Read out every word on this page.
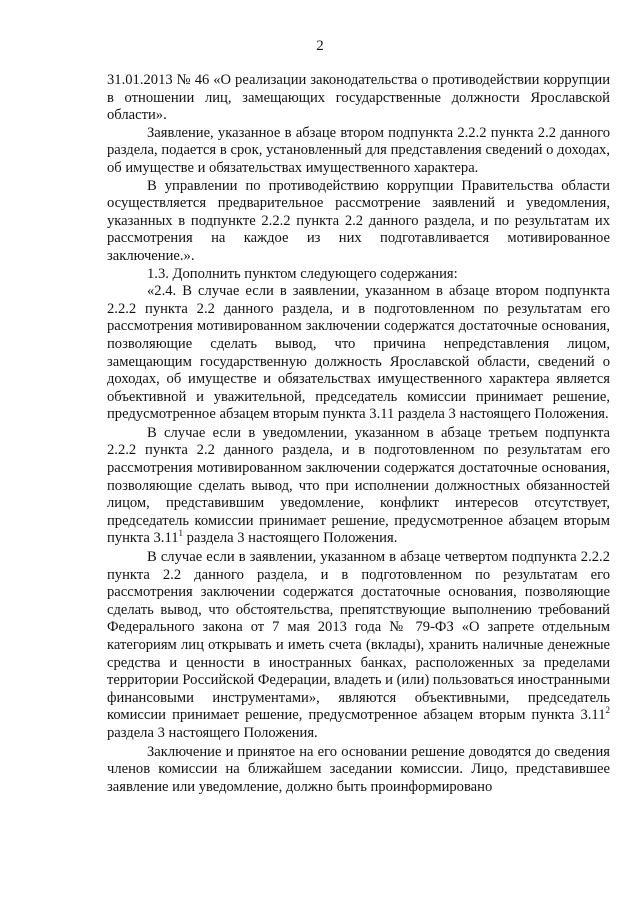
2

31.01.2013 № 46 «О реализации законодательства о противодействии коррупции в отношении лиц, замещающих государственные должности Ярославской области».

Заявление, указанное в абзаце втором подпункта 2.2.2 пункта 2.2 данного раздела, подается в срок, установленный для представления сведений о доходах, об имуществе и обязательствах имущественного характера.

В управлении по противодействию коррупции Правительства области осуществляется предварительное рассмотрение заявлений и уведомления, указанных в подпункте 2.2.2 пункта 2.2 данного раздела, и по результатам их рассмотрения на каждое из них подготавливается мотивированное заключение.».

1.3. Дополнить пунктом следующего содержания:

«2.4. В случае если в заявлении, указанном в абзаце втором подпункта 2.2.2 пункта 2.2 данного раздела, и в подготовленном по результатам его рассмотрения мотивированном заключении содержатся достаточные основания, позволяющие сделать вывод, что причина непредставления лицом, замещающим государственную должность Ярославской области, сведений о доходах, об имуществе и обязательствах имущественного характера является объективной и уважительной, председатель комиссии принимает решение, предусмотренное абзацем вторым пункта 3.11 раздела 3 настоящего Положения.

В случае если в уведомлении, указанном в абзаце третьем подпункта 2.2.2 пункта 2.2 данного раздела, и в подготовленном по результатам его рассмотрения мотивированном заключении содержатся достаточные основания, позволяющие сделать вывод, что при исполнении должностных обязанностей лицом, представившим уведомление, конфликт интересов отсутствует, председатель комиссии принимает решение, предусмотренное абзацем вторым пункта 3.11$^1$ раздела 3 настоящего Положения.

В случае если в заявлении, указанном в абзаце четвертом подпункта 2.2.2 пункта 2.2 данного раздела, и в подготовленном по результатам его рассмотрения заключении содержатся достаточные основания, позволяющие сделать вывод, что обстоятельства, препятствующие выполнению требований Федерального закона от 7 мая 2013 года № 79-ФЗ «О запрете отдельным категориям лиц открывать и иметь счета (вклады), хранить наличные денежные средства и ценности в иностранных банках, расположенных за пределами территории Российской Федерации, владеть и (или) пользоваться иностранными финансовыми инструментами», являются объективными, председатель комиссии принимает решение, предусмотренное абзацем вторым пункта 3.11$^2$ раздела 3 настоящего Положения.

Заключение и принятое на его основании решение доводятся до сведения членов комиссии на ближайшем заседании комиссии. Лицо, представившее заявление или уведомление, должно быть проинформировано
